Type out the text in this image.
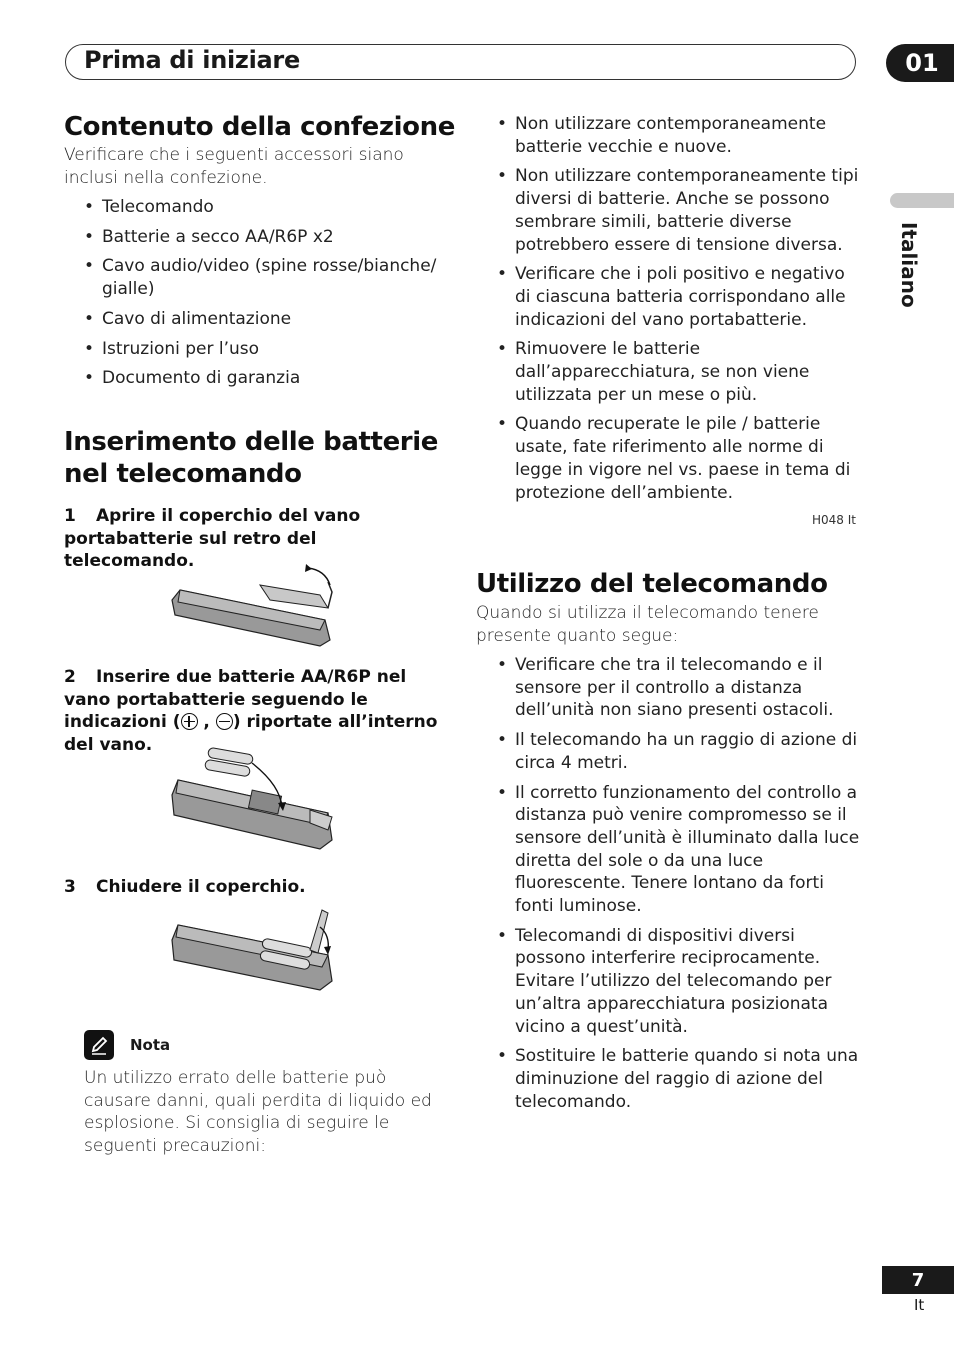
Prima di iniziare	01
Italiano
Contenuto della confezione

Verificare che i seguenti accessori siano inclusi nella confezione.

• Telecomando
• Batterie a secco AA/R6P x2
• Cavo audio/video (spine rosse/bianche/ gialle)
• Cavo di alimentazione
• Istruzioni per l’uso
• Documento di garanzia
Inserimento delle batterie
nel telecomando

1 Aprire il coperchio del vano portabatterie sul retro del telecomando.

2 Inserire due batterie AA/R6P nel vano portabatterie seguendo le indicazioni ( , ) riportate all’interno del vano.

3 Chiudere il coperchio.

Nota

Un utilizzo errato delle batterie può causare danni, quali perdita di liquido ed esplosione. Si consiglia di seguire le seguenti precauzioni:

• Non utilizzare contemporaneamente batterie vecchie e nuove.
• Non utilizzare contemporaneamente tipi diversi di batterie. Anche se possono sembrare simili, batterie diverse potrebbero essere di tensione diversa.
• Verificare che i poli positivo e negativo di ciascuna batteria corrispondano alle indicazioni del vano portabatterie.
• Rimuovere le batterie dall’apparecchiatura, se non viene utilizzata per un mese o più.
• Quando recuperate le pile / batterie usate, fate riferimento alle norme di legge in vigore nel vs. paese in tema di protezione dell’ambiente.
H048 It
Utilizzo del telecomando

Quando si utilizza il telecomando tenere presente quanto segue:

• Verificare che tra il telecomando e il sensore per il controllo a distanza dell’unità non siano presenti ostacoli.
• Il telecomando ha un raggio di azione di circa 4 metri.
• Il corretto funzionamento del controllo a distanza può venire compromesso se il sensore dell’unità è illuminato dalla luce diretta del sole o da una luce fluorescente. Tenere lontano da forti fonti luminose.
• Telecomandi di dispositivi diversi possono interferire reciprocamente. Evitare l’utilizzo del telecomando per un’altra apparecchiatura posizionata vicino a quest’unità.
• Sostituire le batterie quando si nota una diminuzione del raggio di azione del telecomando.
7
It
